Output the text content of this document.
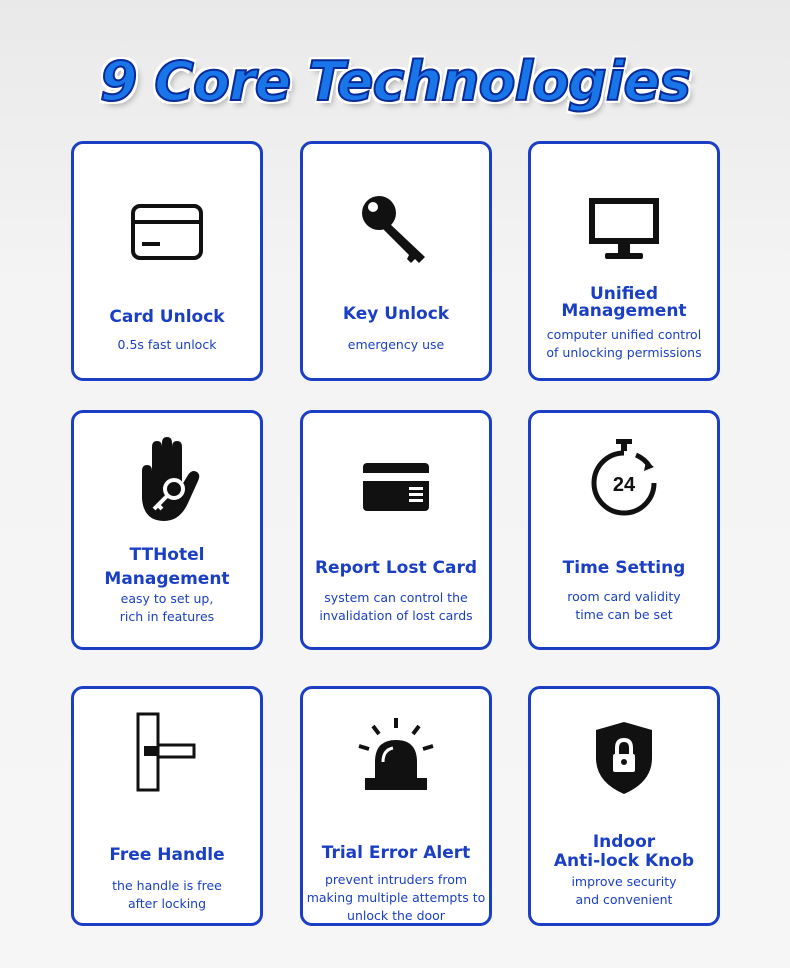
9 Core Technologies
Card Unlock
0.5s fast unlock
Key Unlock
emergency use
Unified
Management
computer unified control
of unlocking permissions
TTHotel
Management
easy to set up,
rich in features
Report Lost Card
system can control the
invalidation of lost cards
24
Time Setting
room card validity
time can be set
Free Handle
the handle is free
after locking
Trial Error Alert
prevent intruders from
making multiple attempts to
unlock the door
Indoor
Anti-lock Knob
improve security
and convenient
